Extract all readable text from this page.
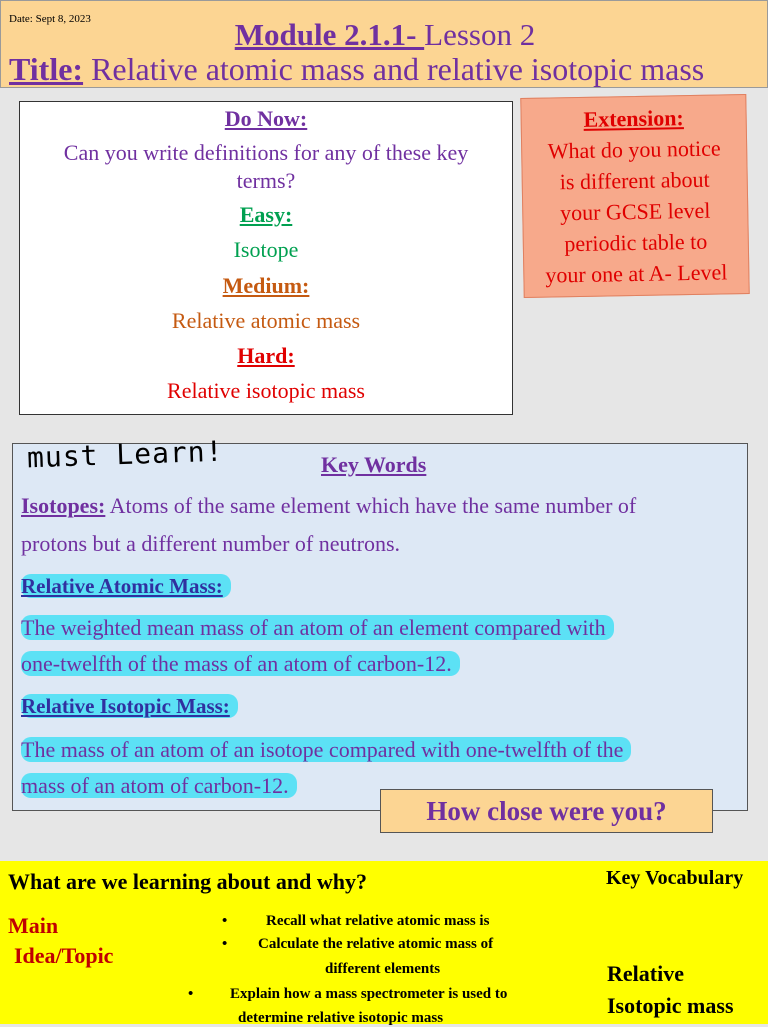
Date: Sept 8, 2023	Module 2.1.1- Lesson 2
Title: Relative atomic mass and relative isotopic mass
Do Now:
Can you write definitions for any of these key
terms?
Easy:
Isotope
Medium:
Relative atomic mass
Hard:
Relative isotopic mass
Extension:
What do you notice
is different about
your GCSE level
periodic table to
your one at A- Level
must Learn!	Key Words
Isotopes: Atoms of the same element which have the same number of
protons but a different number of neutrons.
Relative Atomic Mass:
The weighted mean mass of an atom of an element compared with
one-twelfth of the mass of an atom of carbon-12.
Relative Isotopic Mass:
The mass of an atom of an isotope compared with one-twelfth of the
mass of an atom of carbon-12.
How close were you?
What are we learning about and why?	Key Vocabulary
Main
Idea/Topic
•	Recall what relative atomic mass is
• Calculate the relative atomic mass of
different elements
• Explain how a mass spectrometer is used to
determine relative isotopic mass
Relative
Isotopic mass
